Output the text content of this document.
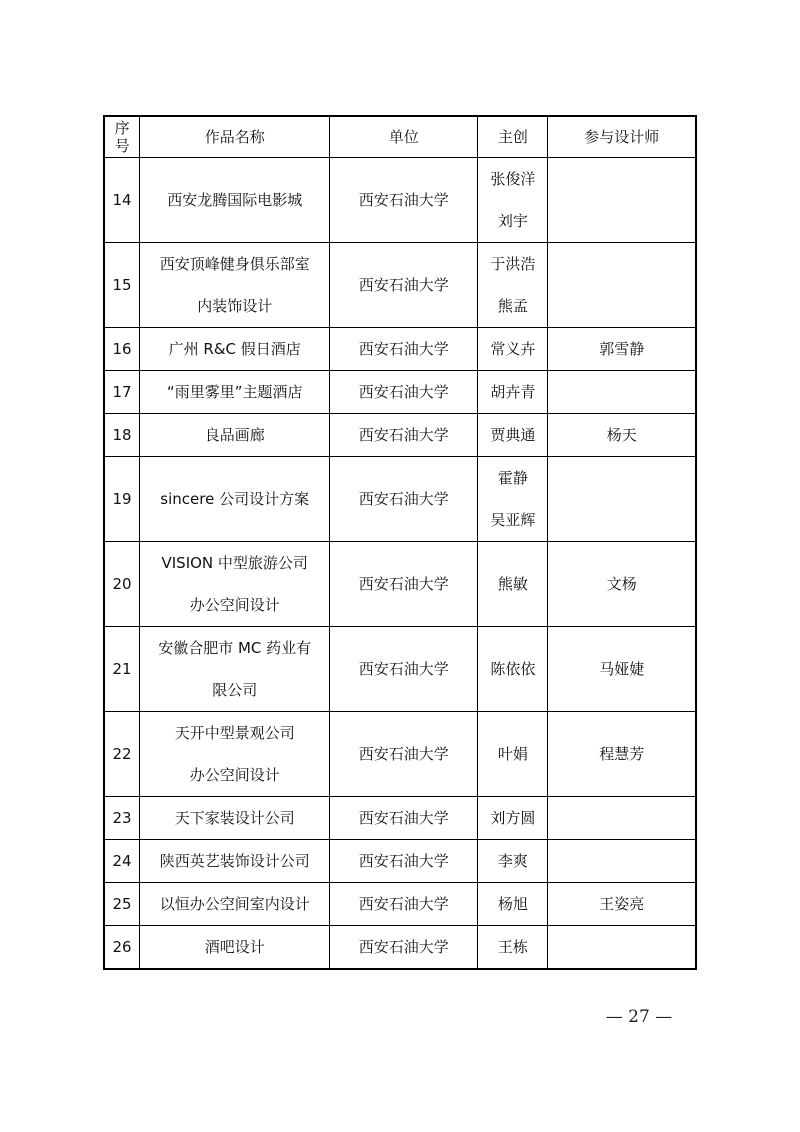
序
号	作品名称	单位	主创	参与设计师
14	西安龙腾国际电影城	西安石油大学	张俊洋
刘宇	

15	西安顶峰健身俱乐部室
内装饰设计	西安石油大学	于洪浩
熊孟	

16	广州 R&C 假日酒店	西安石油大学	常义卉	郭雪静
17	“雨里雾里”主题酒店	西安石油大学	胡卉青	

18	良品画廊	西安石油大学	贾典通	杨天
19	sincere 公司设计方案	西安石油大学	霍静
吴亚辉	

20	VISION 中型旅游公司
办公空间设计	西安石油大学	熊敏	文杨
21	安徽合肥市 MC 药业有
限公司	西安石油大学	陈依依	马娅婕
22	天开中型景观公司
办公空间设计	西安石油大学	叶娟	程慧芳
23	天下家装设计公司	西安石油大学	刘方圆	

24	陕西英艺装饰设计公司	西安石油大学	李爽	

25	以恒办公空间室内设计	西安石油大学	杨旭	王姿亮
26	酒吧设计	西安石油大学	王栋	

— 27 —
